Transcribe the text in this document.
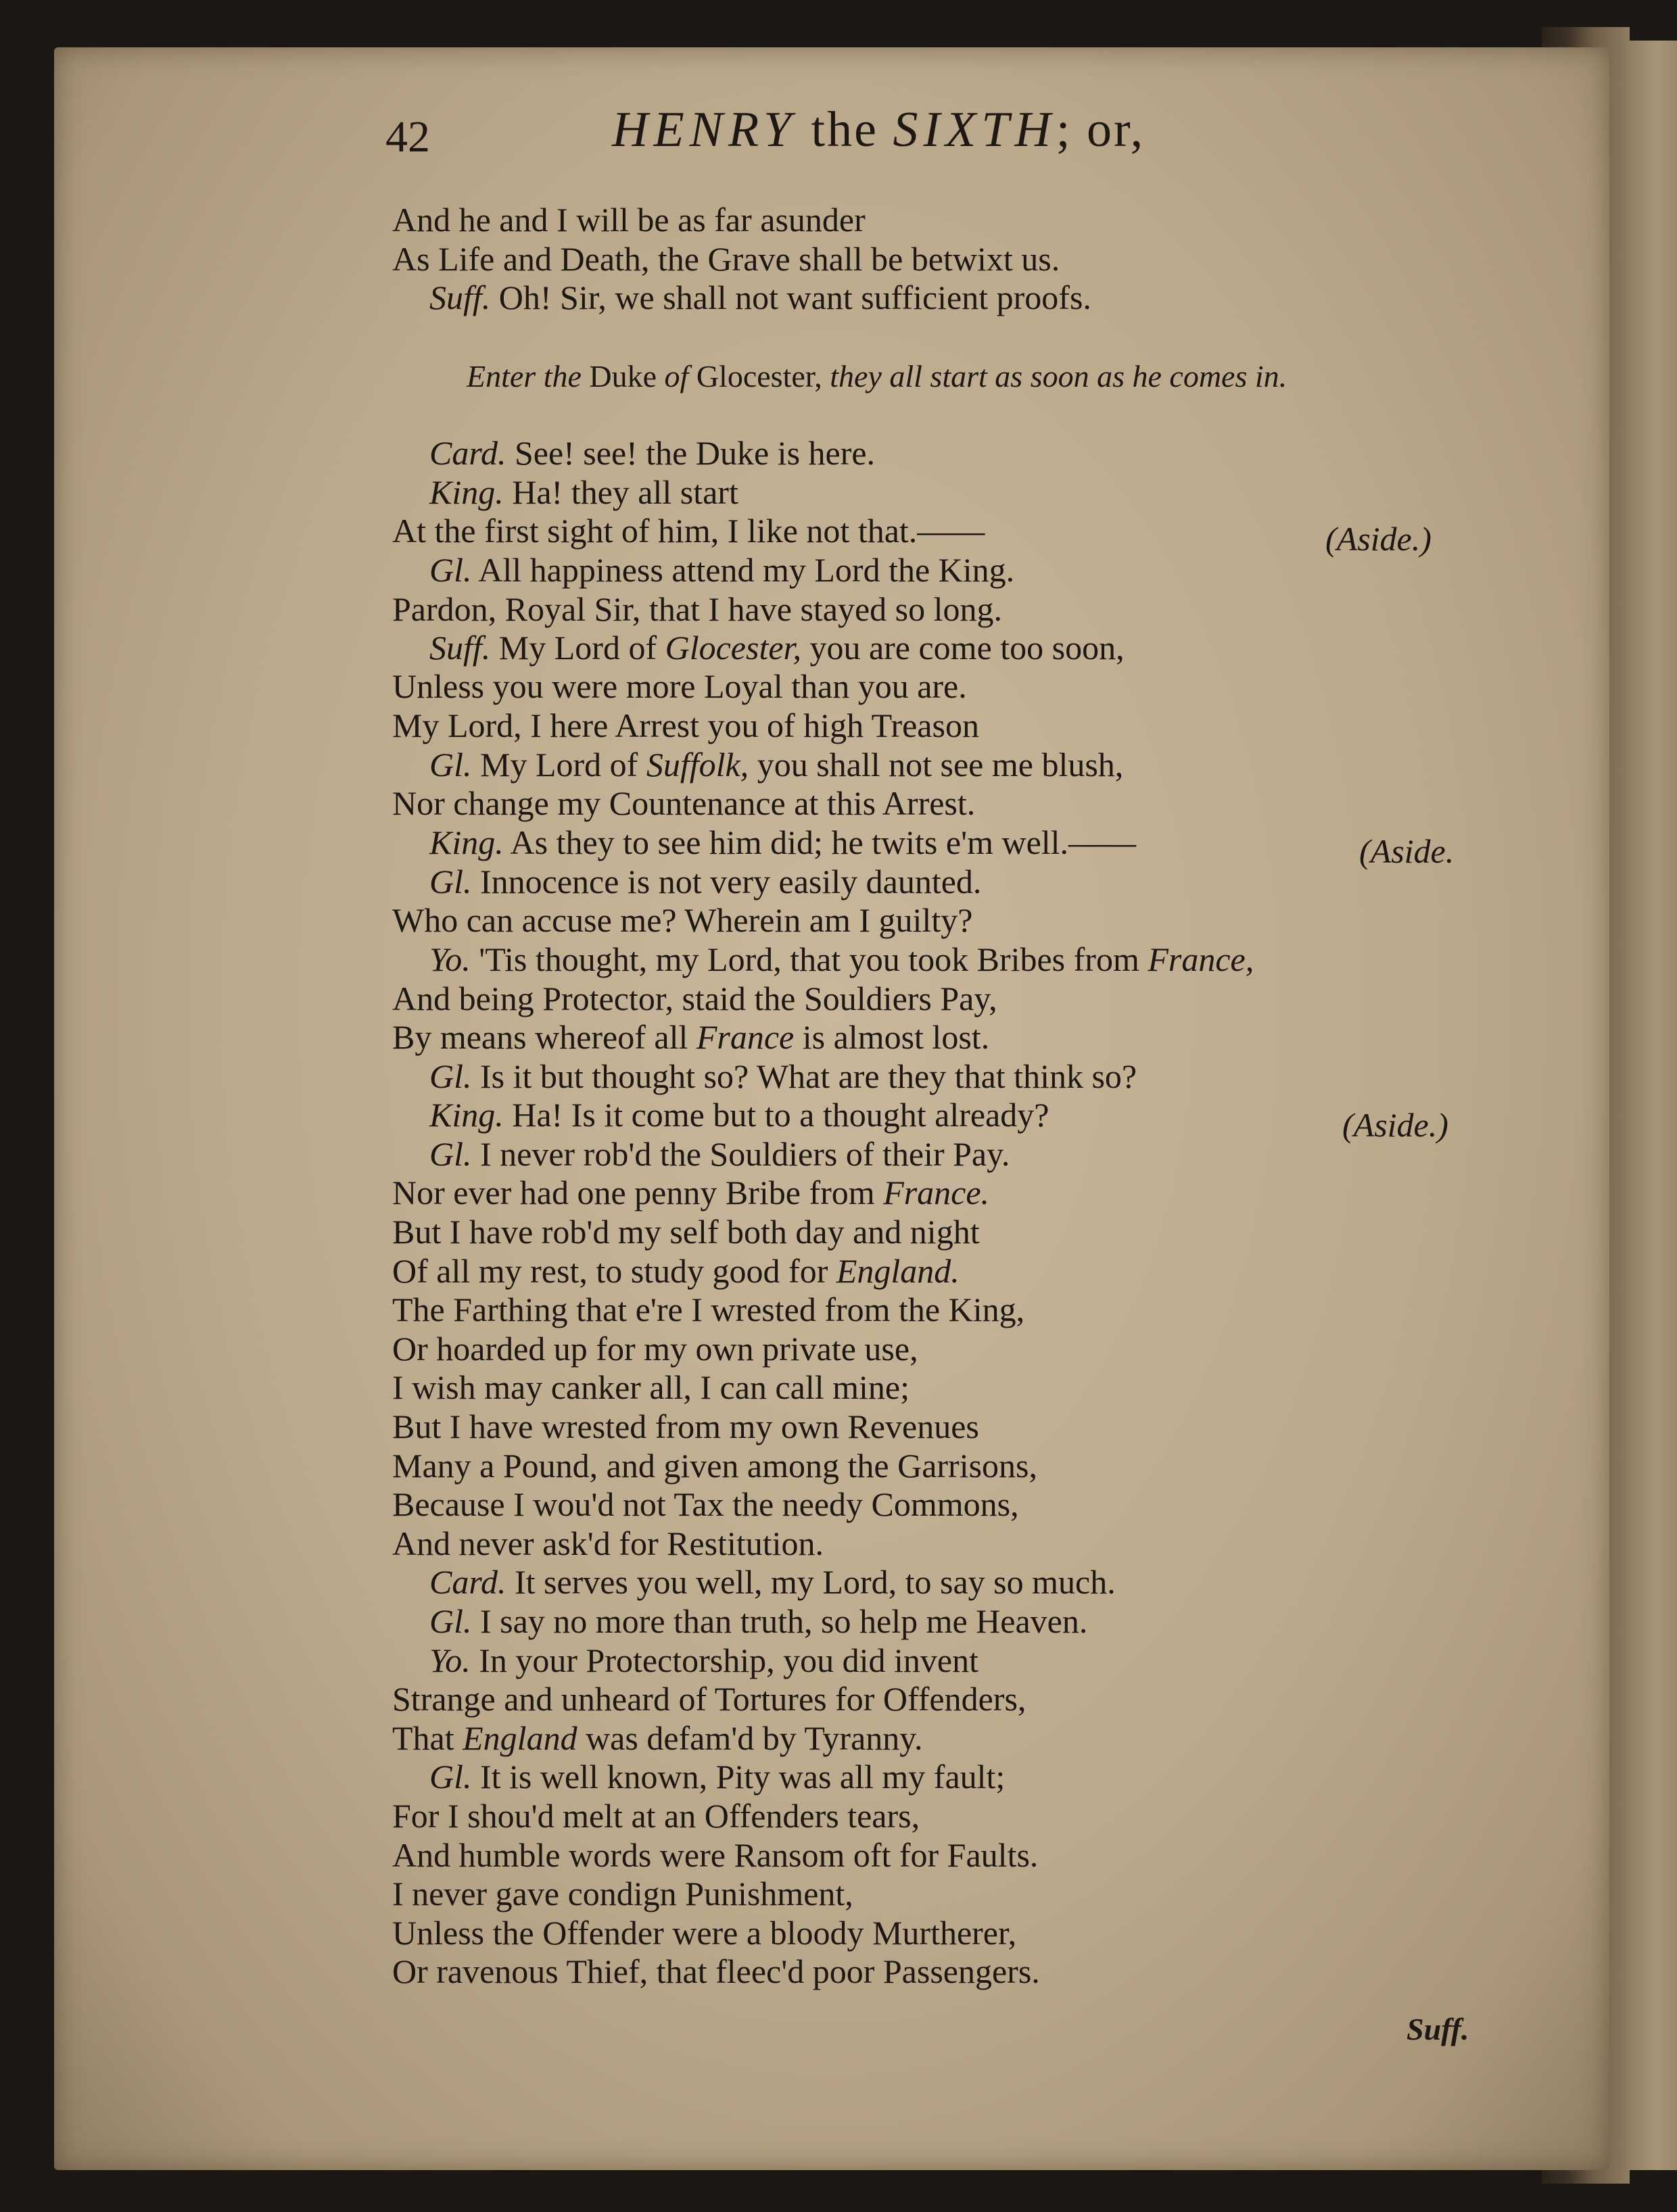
42	HENRY the SIXTH; or,
And he and I will be as far asunder
As Life and Death, the Grave shall be betwixt us.
Suff. Oh! Sir, we shall not want sufficient proofs.
Card. See! see! the Duke is here.
King. Ha! they all start
At the first sight of him, I like not that.——
Gl. All happiness attend my Lord the King.
Pardon, Royal Sir, that I have stayed so long.
Suff. My Lord of Glocester, you are come too soon,
Unless you were more Loyal than you are.
My Lord, I here Arrest you of high Treason
Gl. My Lord of Suffolk, you shall not see me blush,
Nor change my Countenance at this Arrest.
King. As they to see him did; he twits e'm well.——
Gl. Innocence is not very easily daunted.
Who can accuse me? Wherein am I guilty?
Yo. 'Tis thought, my Lord, that you took Bribes from France,
And being Protector, staid the Souldiers Pay,
By means whereof all France is almost lost.
Gl. Is it but thought so? What are they that think so?
King. Ha! Is it come but to a thought already?
Gl. I never rob'd the Souldiers of their Pay.
Nor ever had one penny Bribe from France.
But I have rob'd my self both day and night
Of all my rest, to study good for England.
The Farthing that e're I wrested from the King,
Or hoarded up for my own private use,
I wish may canker all, I can call mine;
But I have wrested from my own Revenues
Many a Pound, and given among the Garrisons,
Because I wou'd not Tax the needy Commons,
And never ask'd for Restitution.
Card. It serves you well, my Lord, to say so much.
Gl. I say no more than truth, so help me Heaven.
Yo. In your Protectorship, you did invent
Strange and unheard of Tortures for Offenders,
That England was defam'd by Tyranny.
Gl. It is well known, Pity was all my fault;
For I shou'd melt at an Offenders tears,
And humble words were Ransom oft for Faults.
I never gave condign Punishment,
Unless the Offender were a bloody Murtherer,
Or ravenous Thief, that fleec'd poor Passengers.
Enter the Duke of Glocester, they all start as soon as he comes in.
(Aside.)
(Aside.
(Aside.)
Suff.
